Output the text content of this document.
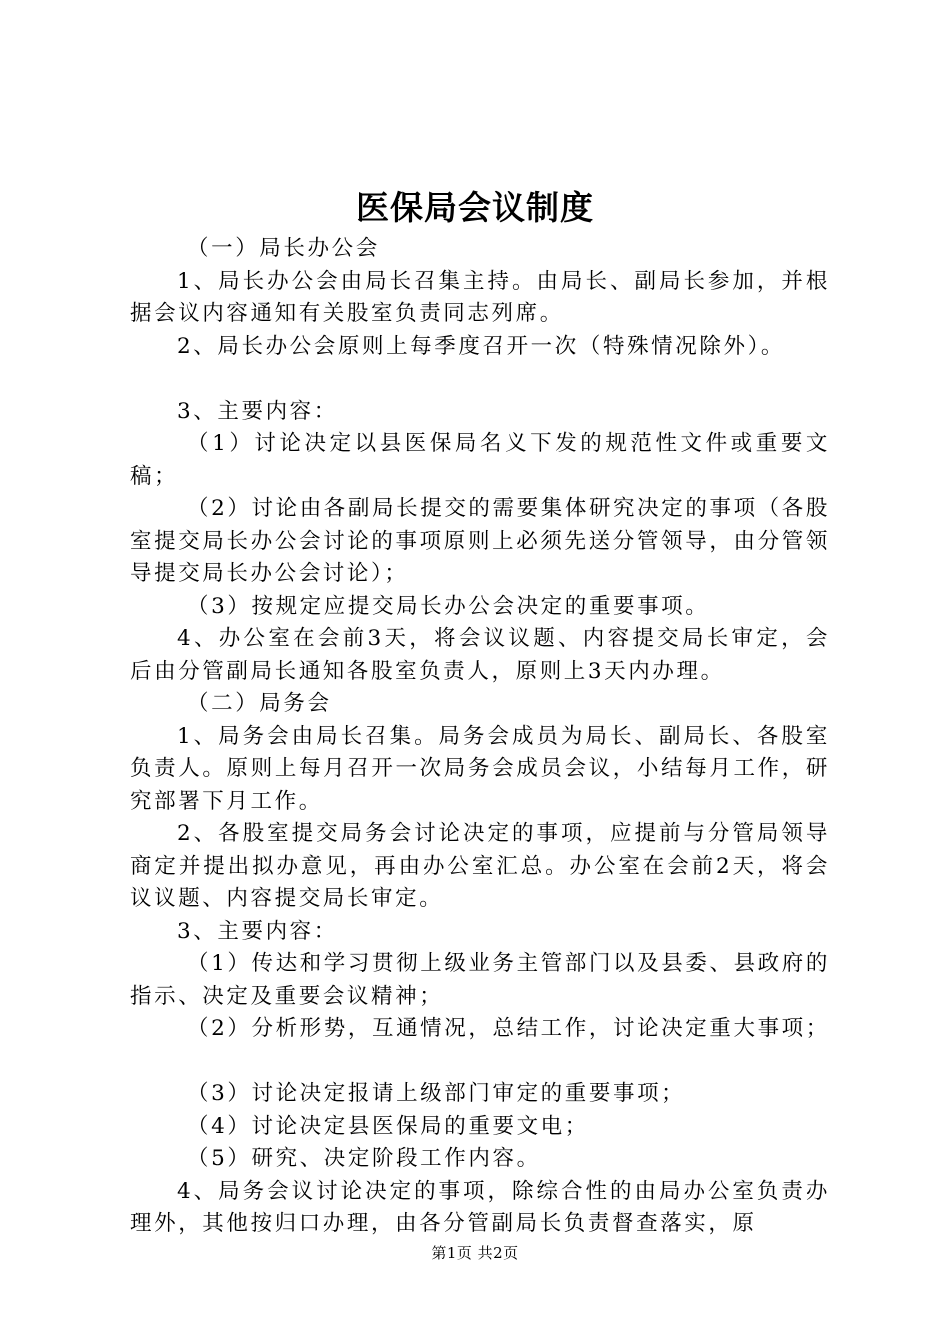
医保局会议制度

（一）局长办公会

1、局长办公会由局长召集主持。由局长、副局长参加，并根据会议内容通知有关股室负责同志列席。

2、局长办公会原则上每季度召开一次（特殊情况除外）。

3、主要内容：

（1）讨论决定以县医保局名义下发的规范性文件或重要文稿；

（2）讨论由各副局长提交的需要集体研究决定的事项（各股室提交局长办公会讨论的事项原则上必须先送分管领导，由分管领导提交局长办公会讨论）；

（3）按规定应提交局长办公会决定的重要事项。

4、办公室在会前3天，将会议议题、内容提交局长审定，会后由分管副局长通知各股室负责人，原则上3天内办理。

（二）局务会

1、局务会由局长召集。局务会成员为局长、副局长、各股室负责人。原则上每月召开一次局务会成员会议，小结每月工作，研究部署下月工作。

2、各股室提交局务会讨论决定的事项，应提前与分管局领导商定并提出拟办意见，再由办公室汇总。办公室在会前2天，将会议议题、内容提交局长审定。

3、主要内容：

（1）传达和学习贯彻上级业务主管部门以及县委、县政府的指示、决定及重要会议精神；

（2）分析形势，互通情况，总结工作，讨论决定重大事项；

（3）讨论决定报请上级部门审定的重要事项；

（4）讨论决定县医保局的重要文电；

（5）研究、决定阶段工作内容。

4、局务会议讨论决定的事项，除综合性的由局办公室负责办理外，其他按归口办理，由各分管副局长负责督查落实，原

第1页 共2页
